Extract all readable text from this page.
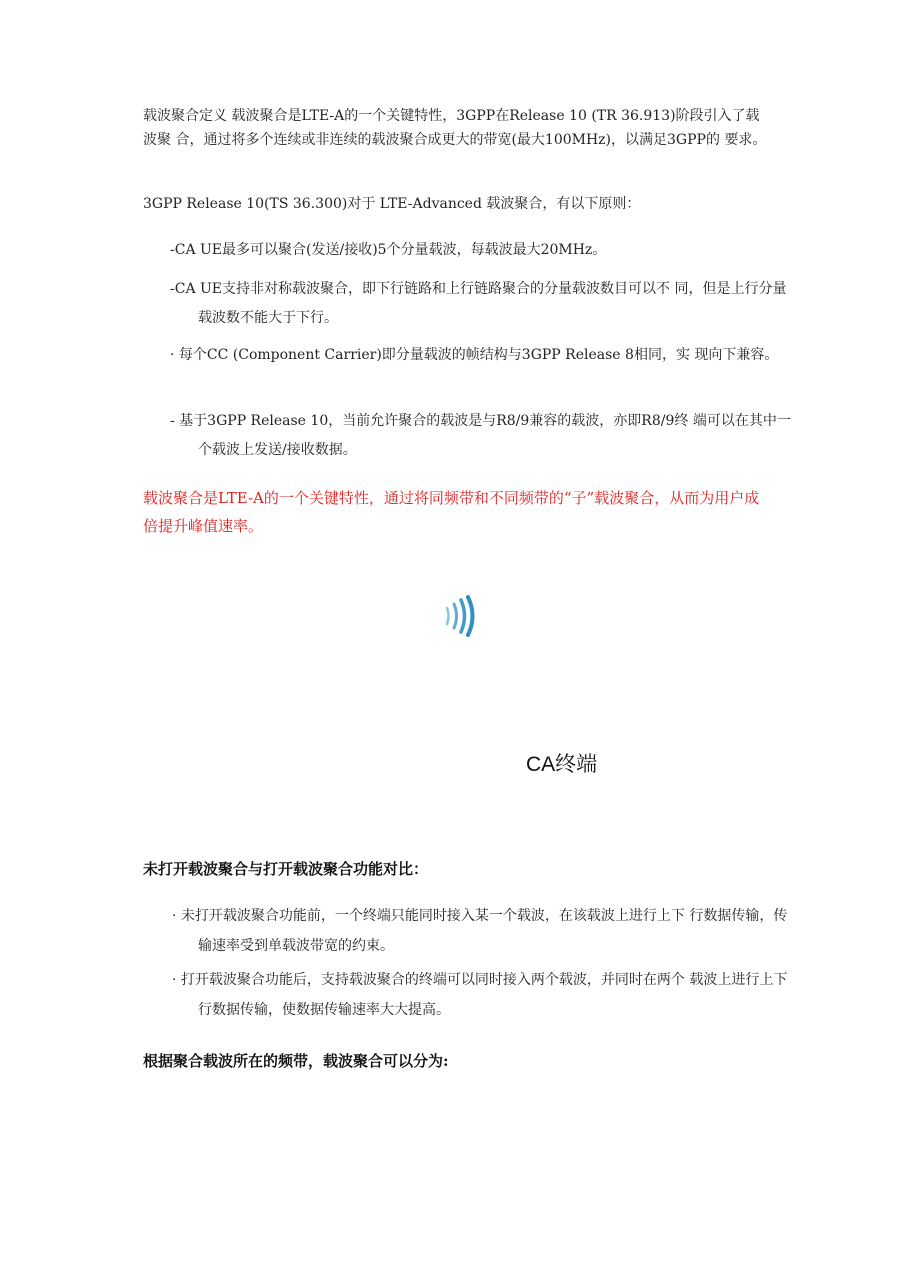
载波聚合定义 载波聚合是LTE-A的一个关键特性，3GPP在Release 10 (TR 36.913)阶段引入了载波聚 合，通过将多个连续或非连续的载波聚合成更大的带宽(最大100MHz)，以满足3GPP的 要求。

3GPP Release 10(TS 36.300)对于 LTE-Advanced 载波聚合，有以下原则：

-CA UE最多可以聚合(发送/接收)5个分量载波，每载波最大20MHz。

-CA UE支持非对称载波聚合，即下行链路和上行链路聚合的分量载波数目可以不 同，但是上行分量载波数不能大于下行。

· 每个CC (Component Carrier)即分量载波的帧结构与3GPP Release 8相同，实 现向下兼容。

- 基于3GPP Release 10，当前允许聚合的载波是与R8/9兼容的载波，亦即R8/9终 端可以在其中一个载波上发送/接收数据。

载波聚合是LTE-A的一个关键特性，通过将同频带和不同频带的“子”载波聚合，从而为用户成倍提升峰值速率。

CA终端

未打开载波聚合与打开载波聚合功能对比：

· 未打开载波聚合功能前，一个终端只能同时接入某一个载波，在该载波上进行上下 行数据传输，传输速率受到单载波带宽的约束。

· 打开载波聚合功能后，支持载波聚合的终端可以同时接入两个载波，并同时在两个 载波上进行上下行数据传输，使数据传输速率大大提高。

根据聚合载波所在的频带，载波聚合可以分为:
